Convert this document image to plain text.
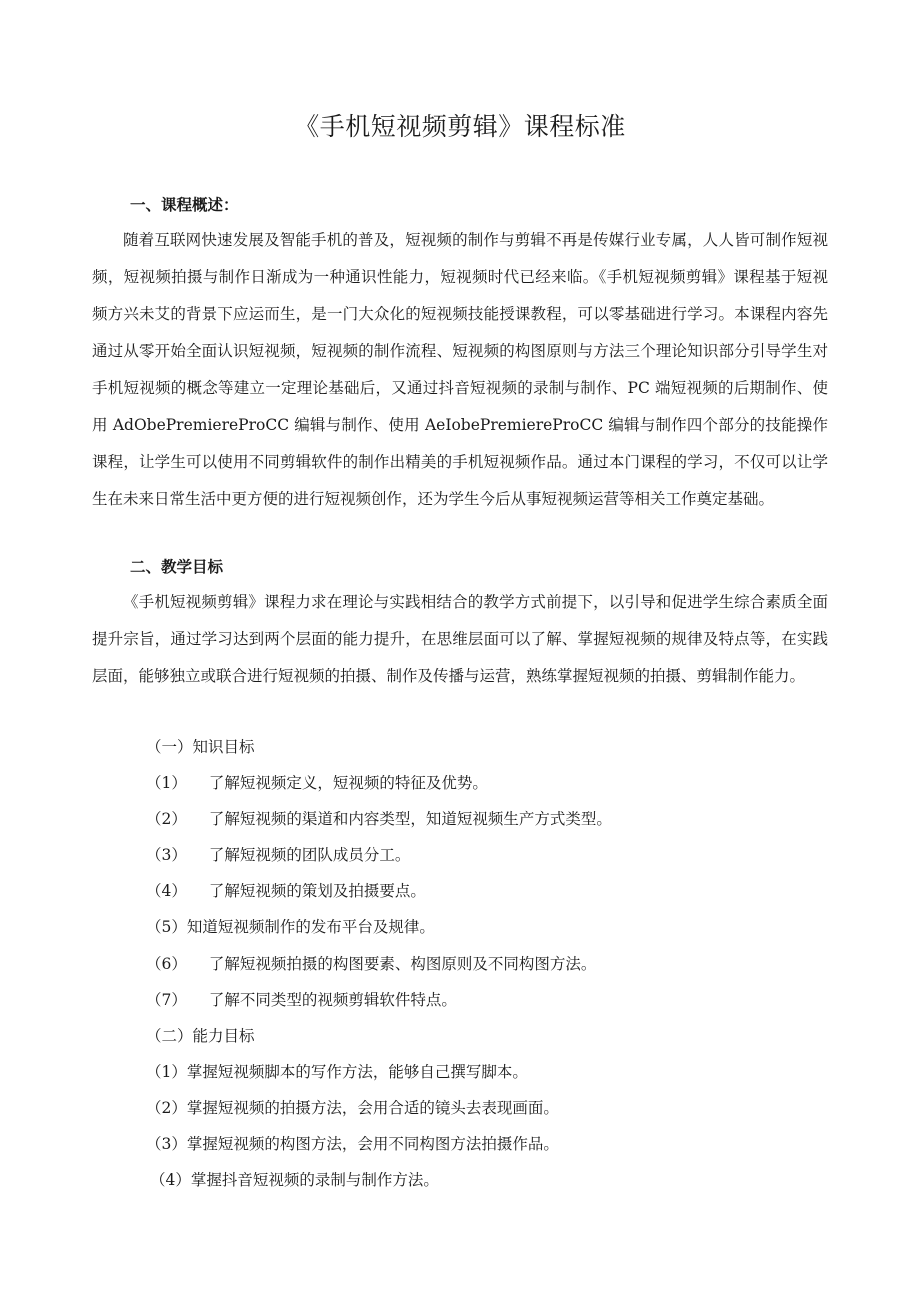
《手机短视频剪辑》课程标准
一、课程概述：
随着互联网快速发展及智能手机的普及，短视频的制作与剪辑不再是传媒行业专属，人人皆可制作短视频，短视频拍摄与制作日渐成为一种通识性能力，短视频时代已经来临。《手机短视频剪辑》课程基于短视频方兴未艾的背景下应运而生，是一门大众化的短视频技能授课教程，可以零基础进行学习。本课程内容先通过从零开始全面认识短视频，短视频的制作流程、短视频的构图原则与方法三个理论知识部分引导学生对手机短视频的概念等建立一定理论基础后，又通过抖音短视频的录制与制作、PC 端短视频的后期制作、使用 AdObePremiereProCC 编辑与制作、使用 AeIobePremiereProCC 编辑与制作四个部分的技能操作课程，让学生可以使用不同剪辑软件的制作出精美的手机短视频作品。通过本门课程的学习，不仅可以让学生在未来日常生活中更方便的进行短视频创作，还为学生今后从事短视频运营等相关工作奠定基础。
二、教学目标
《手机短视频剪辑》课程力求在理论与实践相结合的教学方式前提下，以引导和促进学生综合素质全面提升宗旨，通过学习达到两个层面的能力提升，在思维层面可以了解、掌握短视频的规律及特点等，在实践层面，能够独立或联合进行短视频的拍摄、制作及传播与运营，熟练掌握短视频的拍摄、剪辑制作能力。
（一）知识目标
（1） 了解短视频定义，短视频的特征及优势。
（2） 了解短视频的渠道和内容类型，知道短视频生产方式类型。
（3） 了解短视频的团队成员分工。
（4） 了解短视频的策划及拍摄要点。
（5）知道短视频制作的发布平台及规律。
（6） 了解短视频拍摄的构图要素、构图原则及不同构图方法。
（7） 了解不同类型的视频剪辑软件特点。
（二）能力目标
（1）掌握短视频脚本的写作方法，能够自己撰写脚本。
（2）掌握短视频的拍摄方法，会用合适的镜头去表现画面。
（3）掌握短视频的构图方法，会用不同构图方法拍摄作品。
（4）掌握抖音短视频的录制与制作方法。
